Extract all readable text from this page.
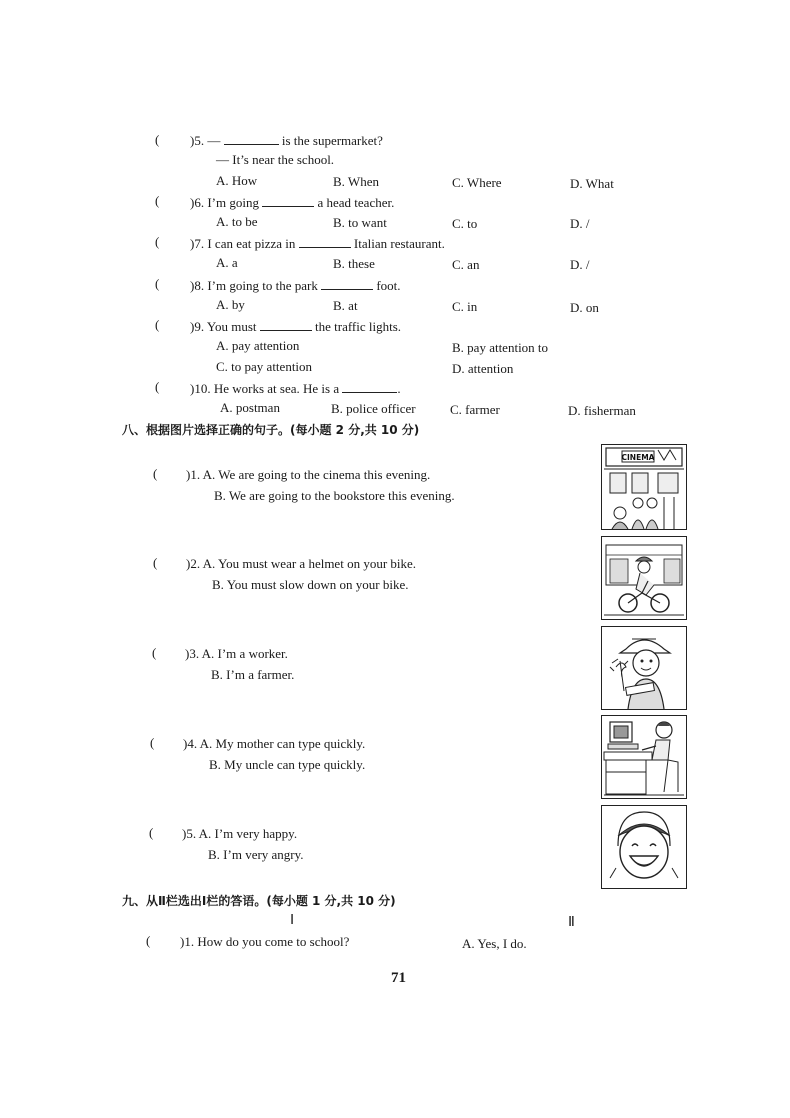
( )5. —	is the supermarket?
— It’s near the school.
A. How	B. When	C. Where	D. What
( )6. I’m going	a head teacher.
A. to be	B. to want	C. to	D. /
( )7. I can eat pizza in	Italian restaurant.
A. a	B. these	C. an	D. /
( )8. I’m going to the park	foot.
A. by	B. at	C. in	D. on
( )9. You must	the traffic lights.
A. pay attention	B. pay attention to
C. to pay attention	D. attention
( )10. He works at sea. He is a	.
A. postman	B. police officer	C. farmer	D. fisherman
八、根据图片选择正确的句子。(每小题 2 分,共 10 分)
( )1. A. We are going to the cinema this evening.
B. We are going to the bookstore this evening.
( )2. A. You must wear a helmet on your bike.
B. You must slow down on your bike.
( )3. A. I’m a worker.
B. I’m a farmer.
( )4. A. My mother can type quickly.
B. My uncle can type quickly.
( )5. A. I’m very happy.
B. I’m very angry.
CINEMA
九、从Ⅱ栏选出Ⅰ栏的答语。(每小题 1 分,共 10 分)
Ⅰ	Ⅱ
( )1. How do you come to school?	A. Yes, I do.
71
